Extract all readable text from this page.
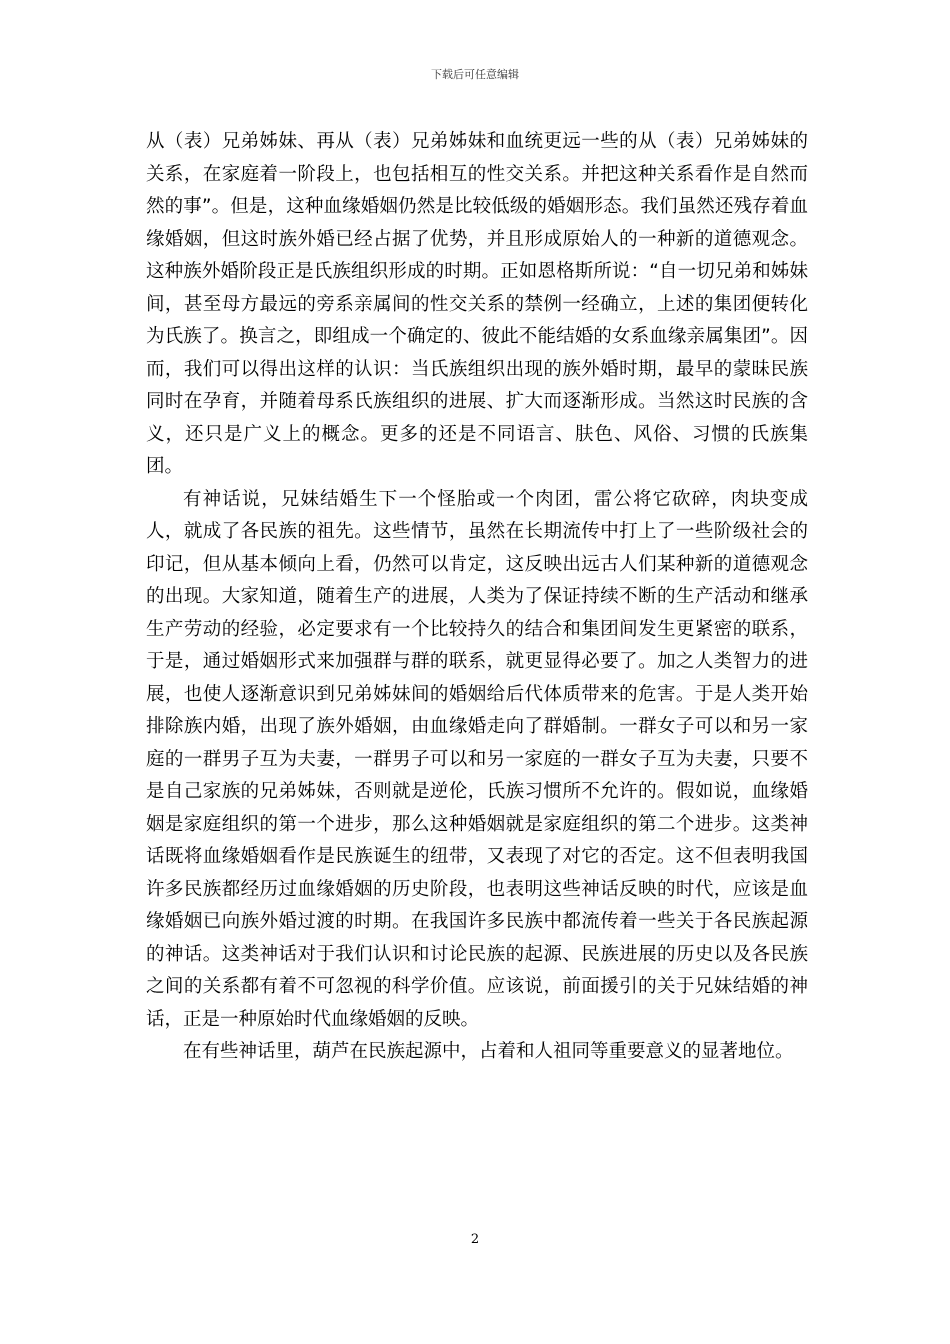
下载后可任意编辑

从（表）兄弟姊妹、再从（表）兄弟姊妹和血统更远一些的从（表）兄弟姊妹的关系，在家庭着一阶段上，也包括相互的性交关系。并把这种关系看作是自然而然的事”。但是，这种血缘婚姻仍然是比较低级的婚姻形态。我们虽然还残存着血缘婚姻，但这时族外婚已经占据了优势，并且形成原始人的一种新的道德观念。这种族外婚阶段正是氏族组织形成的时期。正如恩格斯所说：“自一切兄弟和姊妹间，甚至母方最远的旁系亲属间的性交关系的禁例一经确立，上述的集团便转化为氏族了。换言之，即组成一个确定的、彼此不能结婚的女系血缘亲属集团”。因而，我们可以得出这样的认识：当氏族组织出现的族外婚时期，最早的蒙昧民族同时在孕育，并随着母系氏族组织的进展、扩大而逐渐形成。当然这时民族的含义，还只是广义上的概念。更多的还是不同语言、肤色、风俗、习惯的氏族集团。

有神话说，兄妹结婚生下一个怪胎或一个肉团，雷公将它砍碎，肉块变成人，就成了各民族的祖先。这些情节，虽然在长期流传中打上了一些阶级社会的印记，但从基本倾向上看，仍然可以肯定，这反映出远古人们某种新的道德观念的出现。大家知道，随着生产的进展，人类为了保证持续不断的生产活动和继承生产劳动的经验，必定要求有一个比较持久的结合和集团间发生更紧密的联系，于是，通过婚姻形式来加强群与群的联系，就更显得必要了。加之人类智力的进展，也使人逐渐意识到兄弟姊妹间的婚姻给后代体质带来的危害。于是人类开始排除族内婚，出现了族外婚姻，由血缘婚走向了群婚制。一群女子可以和另一家庭的一群男子互为夫妻，一群男子可以和另一家庭的一群女子互为夫妻，只要不是自己家族的兄弟姊妹，否则就是逆伦，氏族习惯所不允许的。假如说，血缘婚姻是家庭组织的第一个进步，那么这种婚姻就是家庭组织的第二个进步。这类神话既将血缘婚姻看作是民族诞生的纽带，又表现了对它的否定。这不但表明我国许多民族都经历过血缘婚姻的历史阶段，也表明这些神话反映的时代，应该是血缘婚姻已向族外婚过渡的时期。在我国许多民族中都流传着一些关于各民族起源的神话。这类神话对于我们认识和讨论民族的起源、民族进展的历史以及各民族之间的关系都有着不可忽视的科学价值。应该说，前面援引的关于兄妹结婚的神话，正是一种原始时代血缘婚姻的反映。

在有些神话里，葫芦在民族起源中，占着和人祖同等重要意义的显著地位。

2
